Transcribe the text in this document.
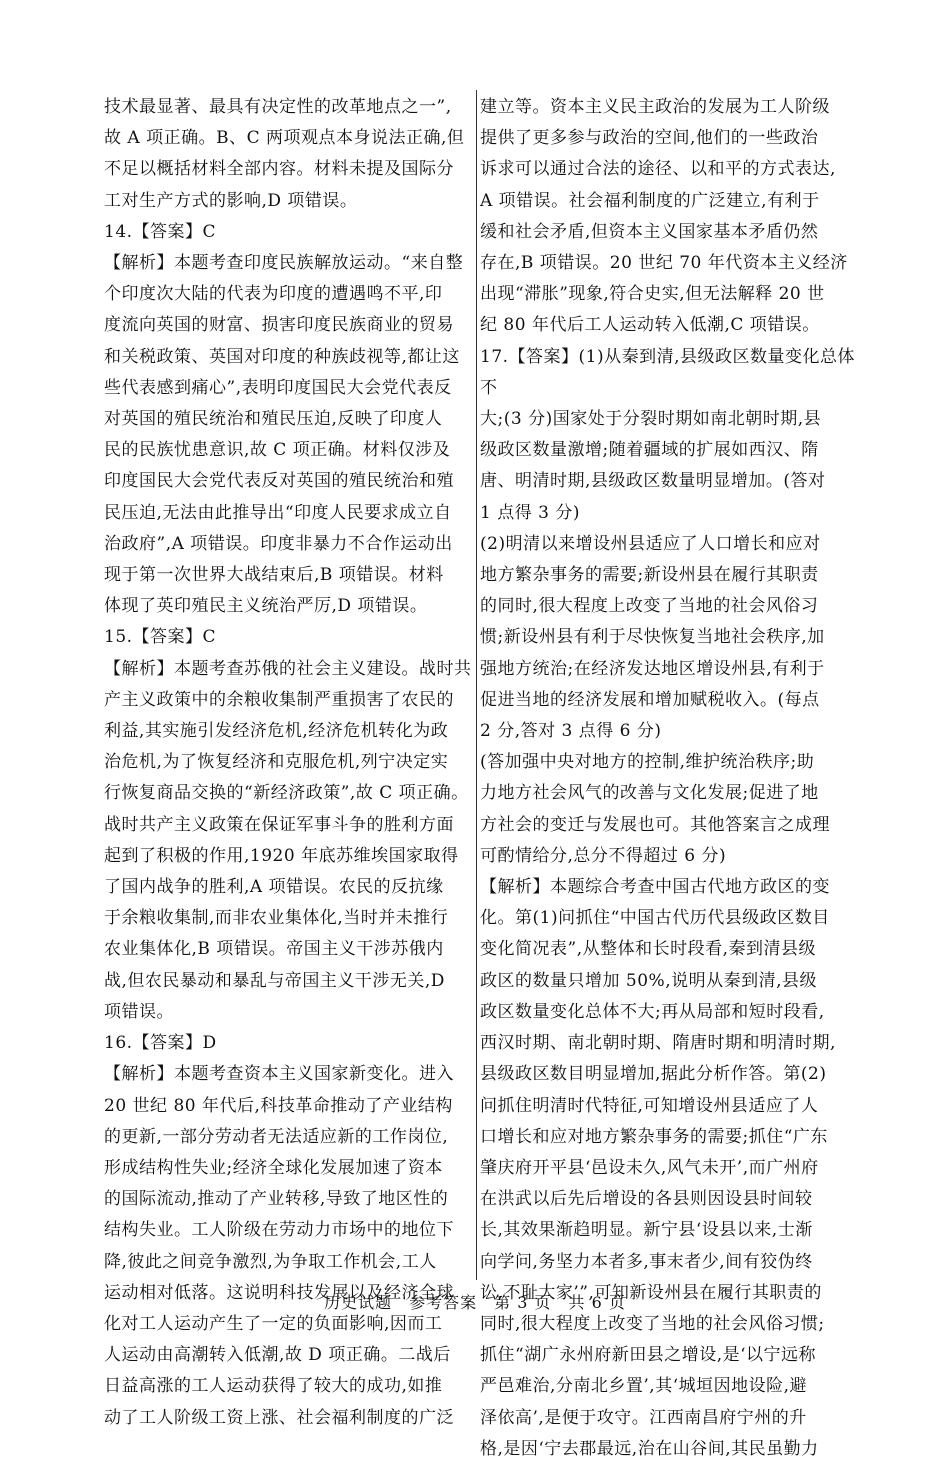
技术最显著、最具有决定性的改革地点之一”,

故 A 项正确。B、C 两项观点本身说法正确,但

不足以概括材料全部内容。材料未提及国际分

工对生产方式的影响,D 项错误。

14.【答案】C

【解析】本题考查印度民族解放运动。“来自整

个印度次大陆的代表为印度的遭遇鸣不平,印

度流向英国的财富、损害印度民族商业的贸易

和关税政策、英国对印度的种族歧视等,都让这

些代表感到痛心”,表明印度国民大会党代表反

对英国的殖民统治和殖民压迫,反映了印度人

民的民族忧患意识,故 C 项正确。材料仅涉及

印度国民大会党代表反对英国的殖民统治和殖

民压迫,无法由此推导出“印度人民要求成立自

治政府”,A 项错误。印度非暴力不合作运动出

现于第一次世界大战结束后,B 项错误。材料

体现了英印殖民主义统治严厉,D 项错误。

15.【答案】C

【解析】本题考查苏俄的社会主义建设。战时共

产主义政策中的余粮收集制严重损害了农民的

利益,其实施引发经济危机,经济危机转化为政

治危机,为了恢复经济和克服危机,列宁决定实

行恢复商品交换的“新经济政策”,故 C 项正确。

战时共产主义政策在保证军事斗争的胜利方面

起到了积极的作用,1920 年底苏维埃国家取得

了国内战争的胜利,A 项错误。农民的反抗缘

于余粮收集制,而非农业集体化,当时并未推行

农业集体化,B 项错误。帝国主义干涉苏俄内

战,但农民暴动和暴乱与帝国主义干涉无关,D

项错误。

16.【答案】D

【解析】本题考查资本主义国家新变化。进入

20 世纪 80 年代后,科技革命推动了产业结构

的更新,一部分劳动者无法适应新的工作岗位,

形成结构性失业;经济全球化发展加速了资本

的国际流动,推动了产业转移,导致了地区性的

结构失业。工人阶级在劳动力市场中的地位下

降,彼此之间竞争激烈,为争取工作机会,工人

运动相对低落。这说明科技发展以及经济全球

化对工人运动产生了一定的负面影响,因而工

人运动由高潮转入低潮,故 D 项正确。二战后

日益高涨的工人运动获得了较大的成功,如推

动了工人阶级工资上涨、社会福利制度的广泛

建立等。资本主义民主政治的发展为工人阶级

提供了更多参与政治的空间,他们的一些政治

诉求可以通过合法的途径、以和平的方式表达,

A 项错误。社会福利制度的广泛建立,有利于

缓和社会矛盾,但资本主义国家基本矛盾仍然

存在,B 项错误。20 世纪 70 年代资本主义经济

出现“滞胀”现象,符合史实,但无法解释 20 世

纪 80 年代后工人运动转入低潮,C 项错误。

17.【答案】(1)从秦到清,县级政区数量变化总体不

大;(3 分)国家处于分裂时期如南北朝时期,县

级政区数量激增;随着疆域的扩展如西汉、隋

唐、明清时期,县级政区数量明显增加。(答对

1 点得 3 分)

(2)明清以来增设州县适应了人口增长和应对

地方繁杂事务的需要;新设州县在履行其职责

的同时,很大程度上改变了当地的社会风俗习

惯;新设州县有利于尽快恢复当地社会秩序,加

强地方统治;在经济发达地区增设州县,有利于

促进当地的经济发展和增加赋税收入。(每点

2 分,答对 3 点得 6 分)

(答加强中央对地方的控制,维护统治秩序;助

力地方社会风气的改善与文化发展;促进了地

方社会的变迁与发展也可。其他答案言之成理

可酌情给分,总分不得超过 6 分)

【解析】本题综合考查中国古代地方政区的变

化。第(1)问抓住“中国古代历代县级政区数目

变化简况表”,从整体和长时段看,秦到清县级

政区的数量只增加 50%,说明从秦到清,县级

政区数量变化总体不大;再从局部和短时段看,

西汉时期、南北朝时期、隋唐时期和明清时期,

县级政区数目明显增加,据此分析作答。第(2)

问抓住明清时代特征,可知增设州县适应了人

口增长和应对地方繁杂事务的需要;抓住“广东

肇庆府开平县‘邑设未久,风气未开’,而广州府

在洪武以后先后增设的各县则因设县时间较

长,其效果渐趋明显。新宁县‘设县以来,士渐

向学问,务坚力本者多,事末者少,间有狡伪终

讼,不耻大家’”,可知新设州县在履行其职责的

同时,很大程度上改变了当地的社会风俗习惯;

抓住“湖广永州府新田县之增设,是‘以宁远称

严邑难治,分南北乡置’,其‘城垣因地设险,避

泽依高’,是便于攻守。江西南昌府宁州的升

格,是因‘宁去郡最远,治在山谷间,其民虽勤力

历史试题　参考答案　第 3 页　共 6 页
